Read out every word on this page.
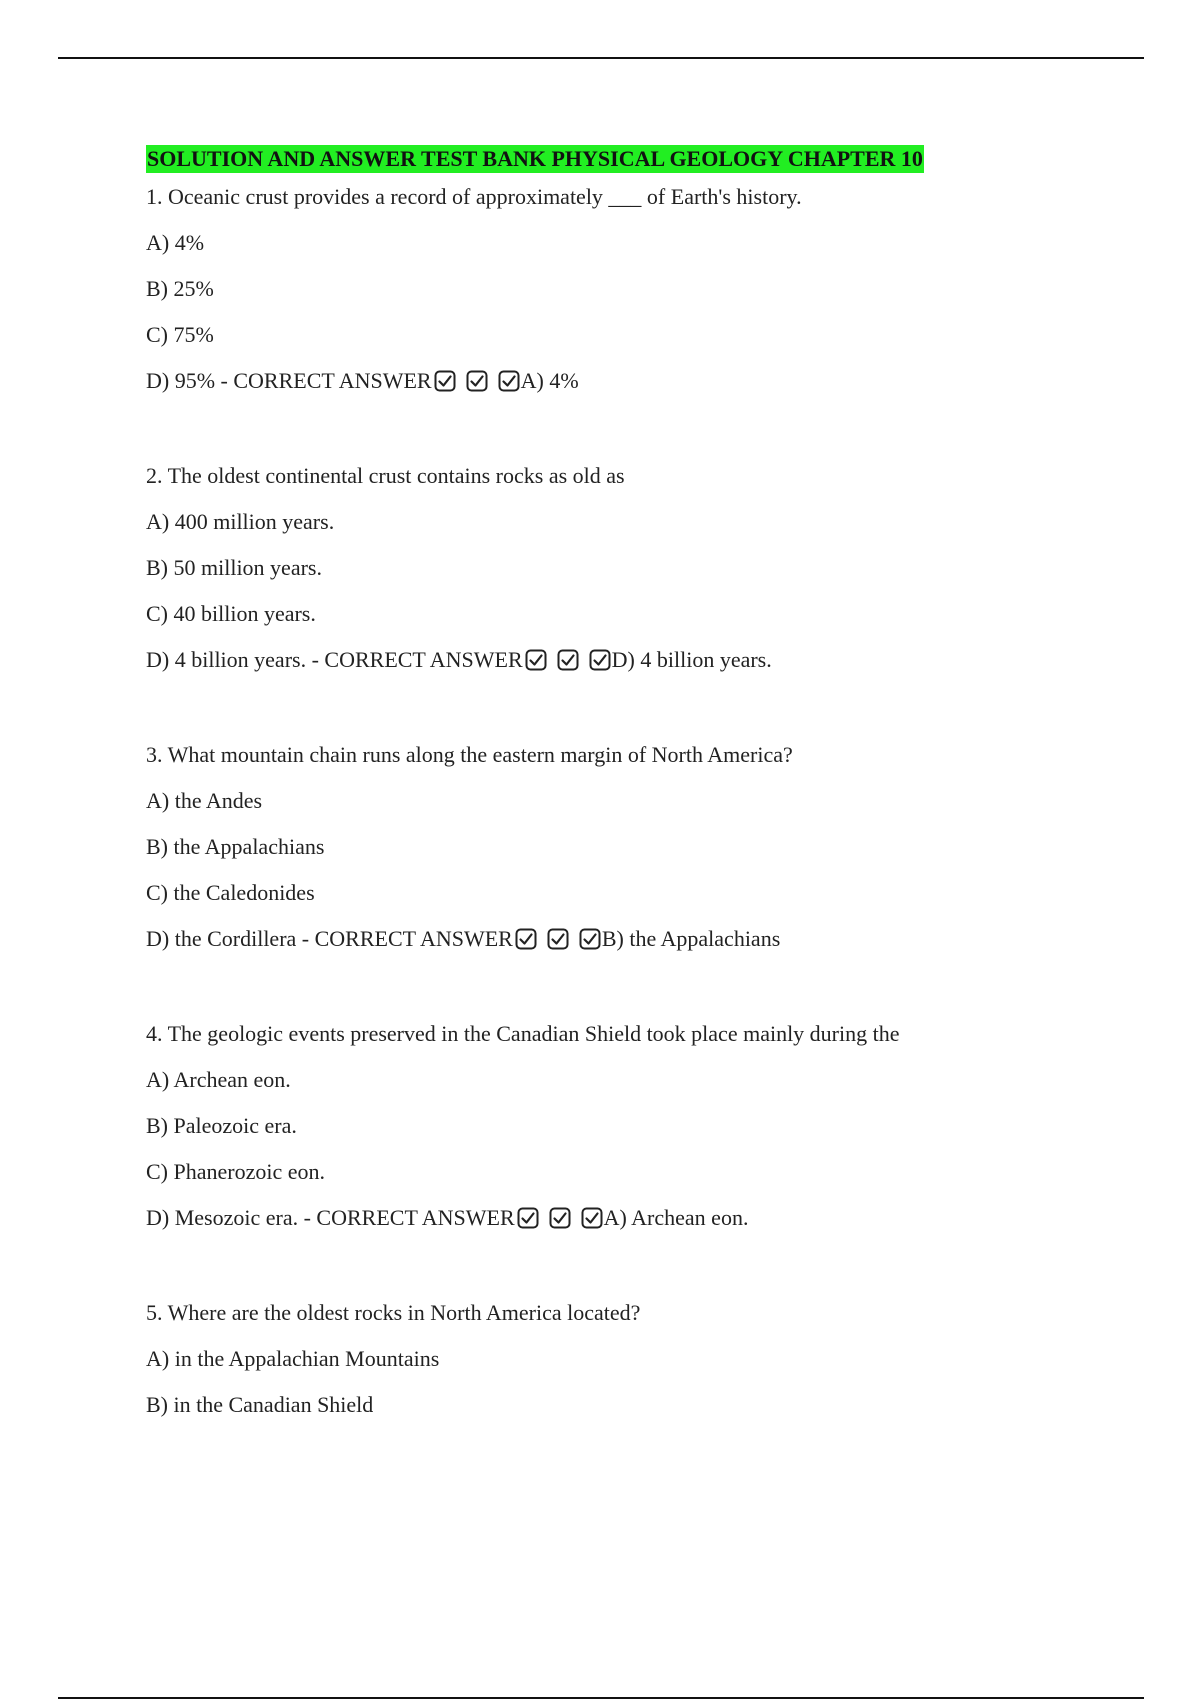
SOLUTION AND ANSWER TEST BANK PHYSICAL GEOLOGY CHAPTER 10
1. Oceanic crust provides a record of approximately ___ of Earth's history.
A) 4%
B) 25%
C) 75%
D) 95% - CORRECT ANSWER	A) 4%
2. The oldest continental crust contains rocks as old as
A) 400 million years.
B) 50 million years.
C) 40 billion years.
D) 4 billion years. - CORRECT ANSWER	D) 4 billion years.
3. What mountain chain runs along the eastern margin of North America?
A) the Andes
B) the Appalachians
C) the Caledonides
D) the Cordillera - CORRECT ANSWER	B) the Appalachians
4. The geologic events preserved in the Canadian Shield took place mainly during the
A) Archean eon.
B) Paleozoic era.
C) Phanerozoic eon.
D) Mesozoic era. - CORRECT ANSWER	A) Archean eon.
5. Where are the oldest rocks in North America located?
A) in the Appalachian Mountains
B) in the Canadian Shield
